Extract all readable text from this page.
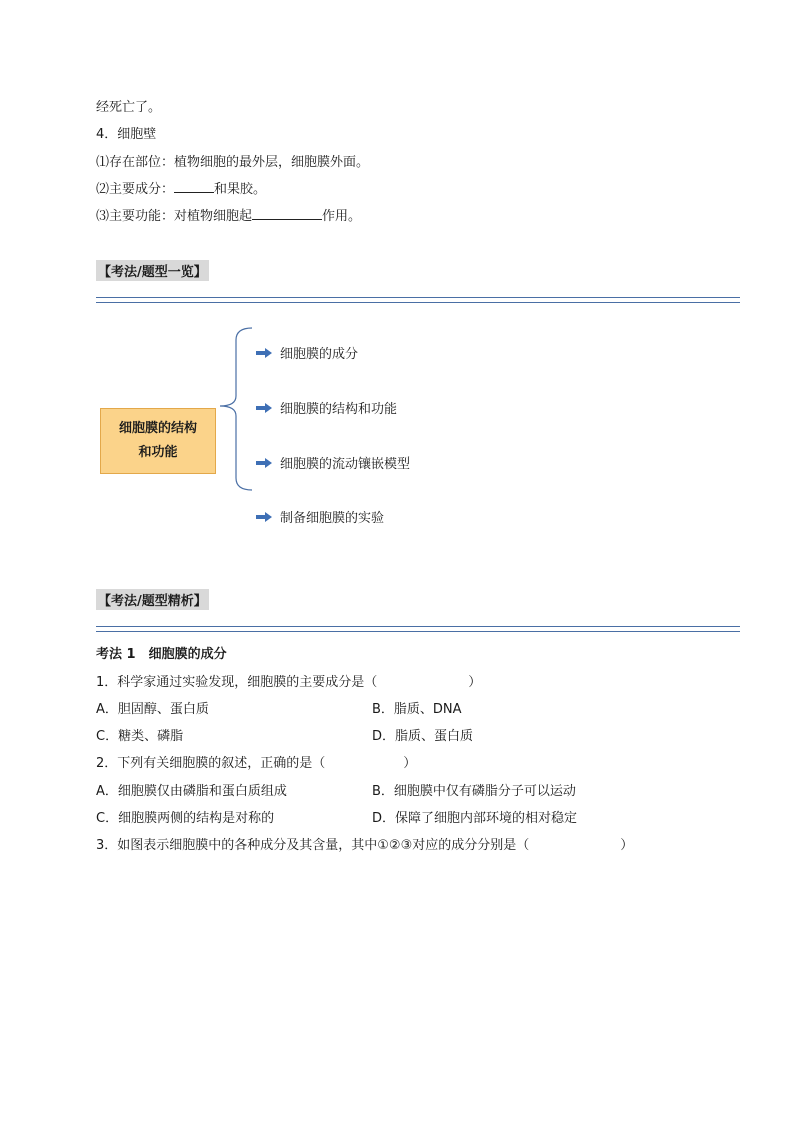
经死亡了。
4．细胞壁
⑴存在部位：植物细胞的最外层，细胞膜外面。
⑵主要成分：	和果胶。
⑶主要功能：对植物细胞起	作用。
【考法/题型一览】
细胞膜的结构
和功能
细胞膜的成分
细胞膜的结构和功能
细胞膜的流动镶嵌模型
制备细胞膜的实验
【考法/题型精析】
考法 1　细胞膜的成分
1．科学家通过实验发现，细胞膜的主要成分是（　　　　　　　）
A．胆固醇、蛋白质	B．脂质、DNA
C．糖类、磷脂	D．脂质、蛋白质
2．下列有关细胞膜的叙述，正确的是（　　　　　　）
A．细胞膜仅由磷脂和蛋白质组成	B．细胞膜中仅有磷脂分子可以运动
C．细胞膜两侧的结构是对称的	D．保障了细胞内部环境的相对稳定
3．如图表示细胞膜中的各种成分及其含量，其中①②③对应的成分分别是（　　　　　　　）
